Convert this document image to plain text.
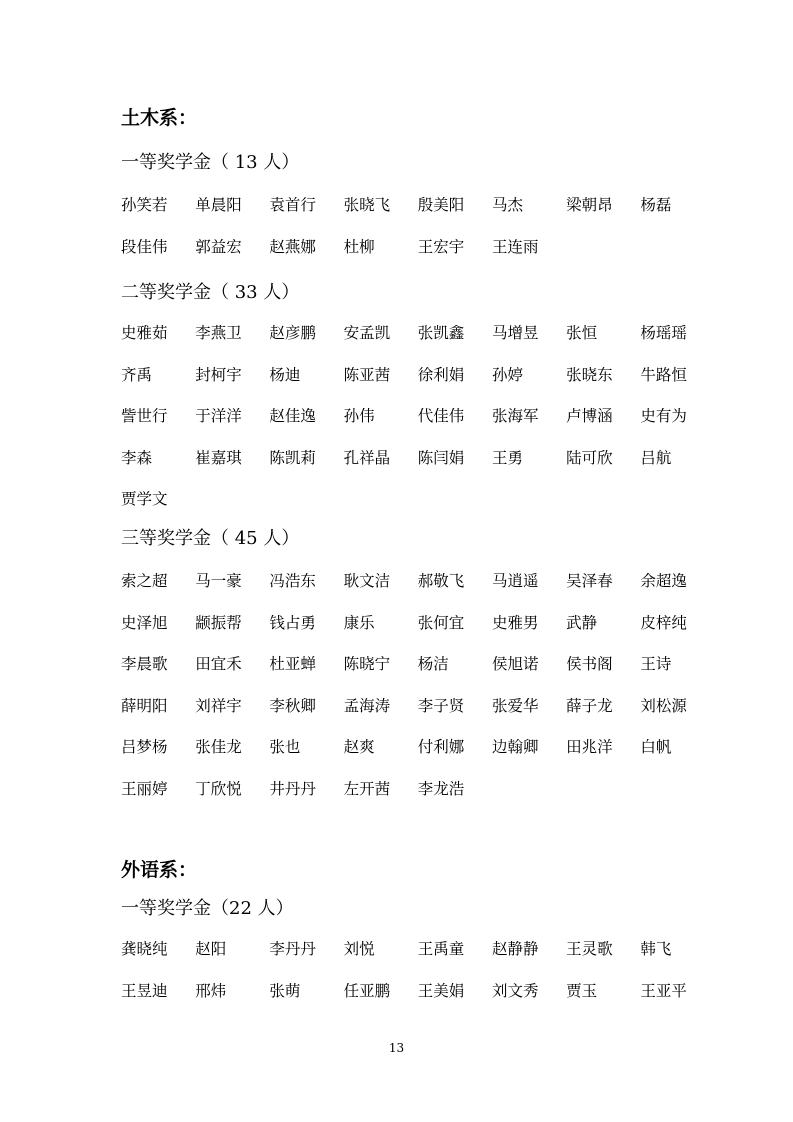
土木系：
一等奖学金（ 13 人）
孙笑若 单晨阳 袁首行 张晓飞 殷美阳 马杰	梁朝昂 杨磊
段佳伟 郭益宏 赵燕娜 杜柳	王宏宇 王连雨
二等奖学金（ 33 人）
史雅茹 李燕卫 赵彦鹏 安孟凯 张凯鑫 马增昱 张恒	杨瑶瑶
齐禹	封柯宇 杨迪	陈亚茜 徐利娟 孙婷	张晓东 牛路恒
訾世行 于洋洋 赵佳逸 孙伟	代佳伟 张海军 卢博涵 史有为
李森	崔嘉琪 陈凯莉 孔祥晶 陈闫娟 王勇	陆可欣 吕航
贾学文
三等奖学金（ 45 人）
索之超 马一豪 冯浩东 耿文洁 郝敬飞 马逍遥 吴泽春 余超逸
史泽旭 颛振帮 钱占勇 康乐	张何宜 史雅男 武静	皮梓纯
李晨歌 田宜禾 杜亚蝉 陈晓宁 杨洁	侯旭诺 侯书阁 王诗
薛明阳 刘祥宇 李秋卿 孟海涛 李子贤 张爱华 薛子龙 刘松源
吕梦杨 张佳龙 张也	赵爽	付利娜 边翰卿 田兆洋 白帆
王丽婷 丁欣悦 井丹丹 左开茜 李龙浩
外语系：
一等奖学金（22 人）
龚晓纯 赵阳	李丹丹 刘悦	王禹童 赵静静 王灵歌 韩飞
王昱迪 邢炜	张萌	任亚鹏 王美娟 刘文秀 贾玉	王亚平
13
